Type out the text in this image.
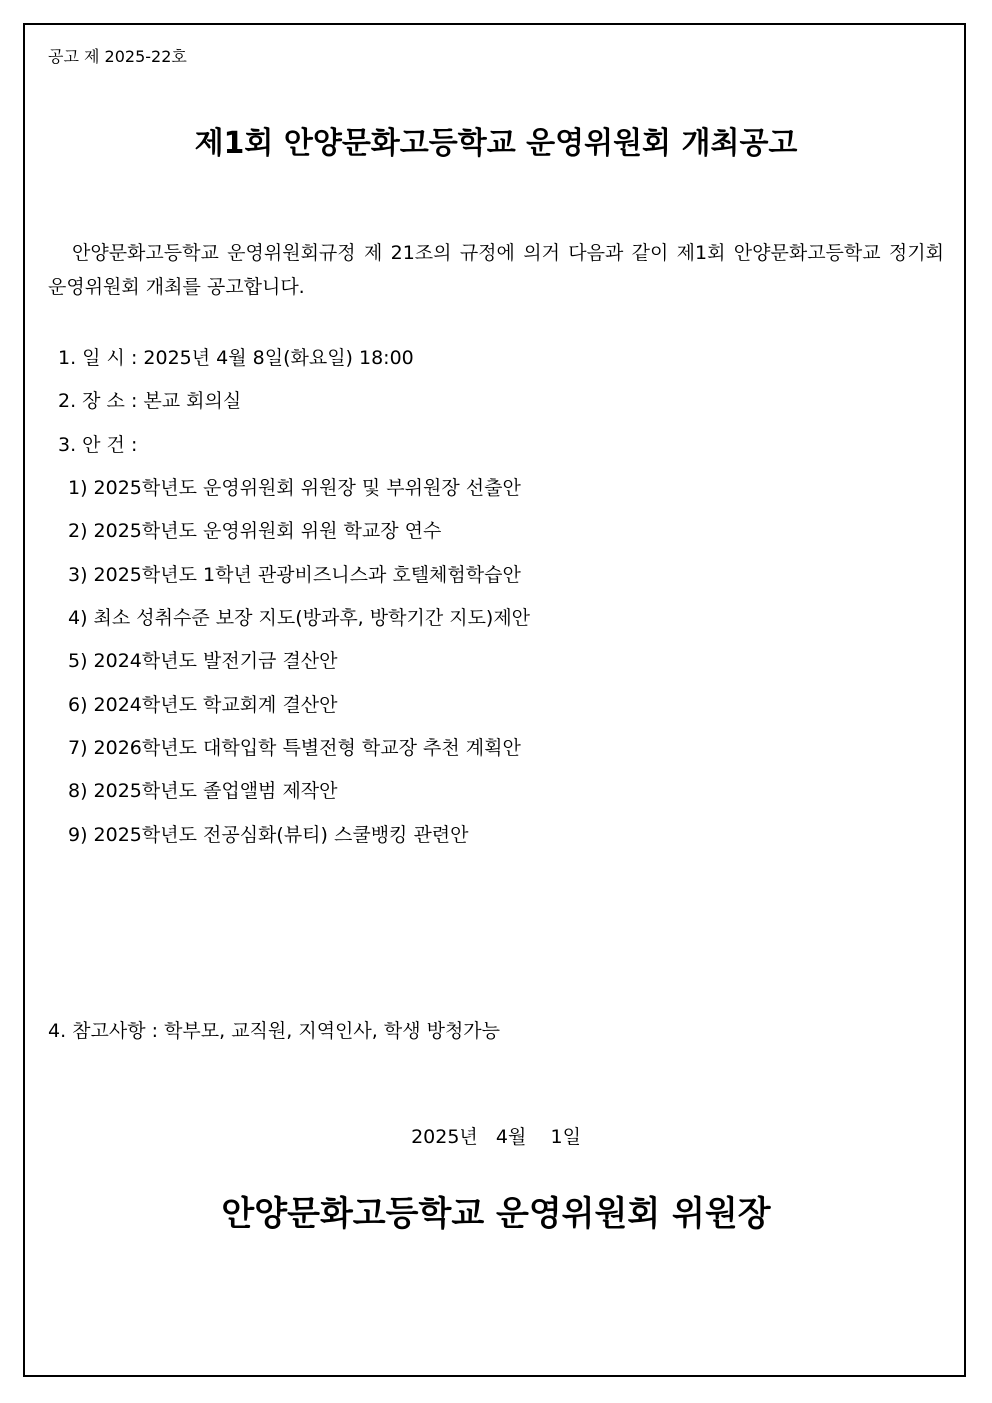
공고 제 2025-22호
제1회 안양문화고등학교 운영위원회 개최공고

안양문화고등학교 운영위원회규정 제 21조의 규정에 의거 다음과 같이 제1회 안양문화고등학교 정기회 운영위원회 개최를 공고합니다.

1. 일 시 : 2025년 4월 8일(화요일) 18:00
2. 장 소 : 본교 회의실
3. 안 건 :
1) 2025학년도 운영위원회 위원장 및 부위원장 선출안
2) 2025학년도 운영위원회 위원 학교장 연수
3) 2025학년도 1학년 관광비즈니스과 호텔체험학습안
4) 최소 성취수준 보장 지도(방과후, 방학기간 지도)제안
5) 2024학년도 발전기금 결산안
6) 2024학년도 학교회계 결산안
7) 2026학년도 대학입학 특별전형 학교장 추천 계획안
8) 2025학년도 졸업앨범 제작안
9) 2025학년도 전공심화(뷰티) 스쿨뱅킹 관련안
4. 참고사항 : 학부모, 교직원, 지역인사, 학생 방청가능
2025년   4월    1일
안양문화고등학교 운영위원회 위원장
